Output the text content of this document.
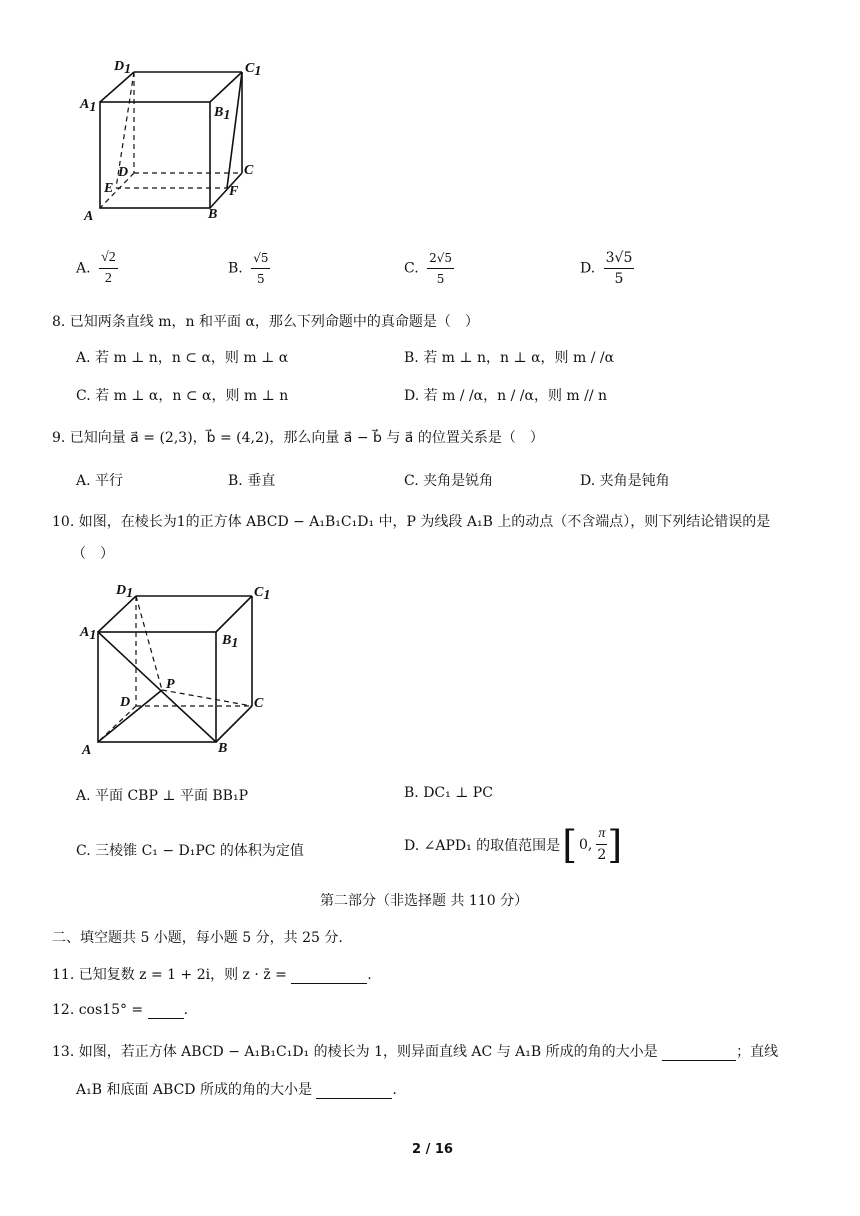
D1	C1
A1	B1
D	C
E	F
A	B
A. $\frac{√2}{2}$	B. $\frac{√5}{5}$	C. $\frac{2√5}{5}$	D. $\frac{3√5}{5}$
8. 已知两条直线 m，n 和平面 α，那么下列命题中的真命题是（　）
A. 若 m ⊥ n，n ⊂ α，则 m ⊥ α	B. 若 m ⊥ n，n ⊥ α，则 m / /α
C. 若 m ⊥ α，n ⊂ α，则 m ⊥ n	D. 若 m / /α，n / /α，则 m // n
9. 已知向量 a⃗ = (2,3)，b⃗ = (4,2)，那么向量 a⃗ − b⃗ 与 a⃗ 的位置关系是（　）
A. 平行	B. 垂直	C. 夹角是锐角	D. 夹角是钝角
10. 如图，在棱长为1的正方体 ABCD − A₁B₁C₁D₁ 中，P 为线段 A₁B 上的动点（不含端点），则下列结论错误的是
（　）
D1	C1
A1	B1
D
P
C
A	B
A. 平面 CBP ⊥ 平面 BB₁P	B. DC₁ ⊥ PC
C. 三棱锥 C₁ − D₁PC 的体积为定值	D. ∠APD₁ 的取值范围是 [ 0, $\frac{\pi}{2}$ ]
第二部分（非选择题 共 110 分）
二、填空题共 5 小题，每小题 5 分，共 25 分.
11. 已知复数 z = 1 + 2i，则 z · z̄ =	.
12. cos15° =	.
13. 如图，若正方体 ABCD − A₁B₁C₁D₁ 的棱长为 1，则异面直线 AC 与 A₁B 所成的角的大小是	；直线
A₁B 和底面 ABCD 所成的角的大小是	.
2 / 16
